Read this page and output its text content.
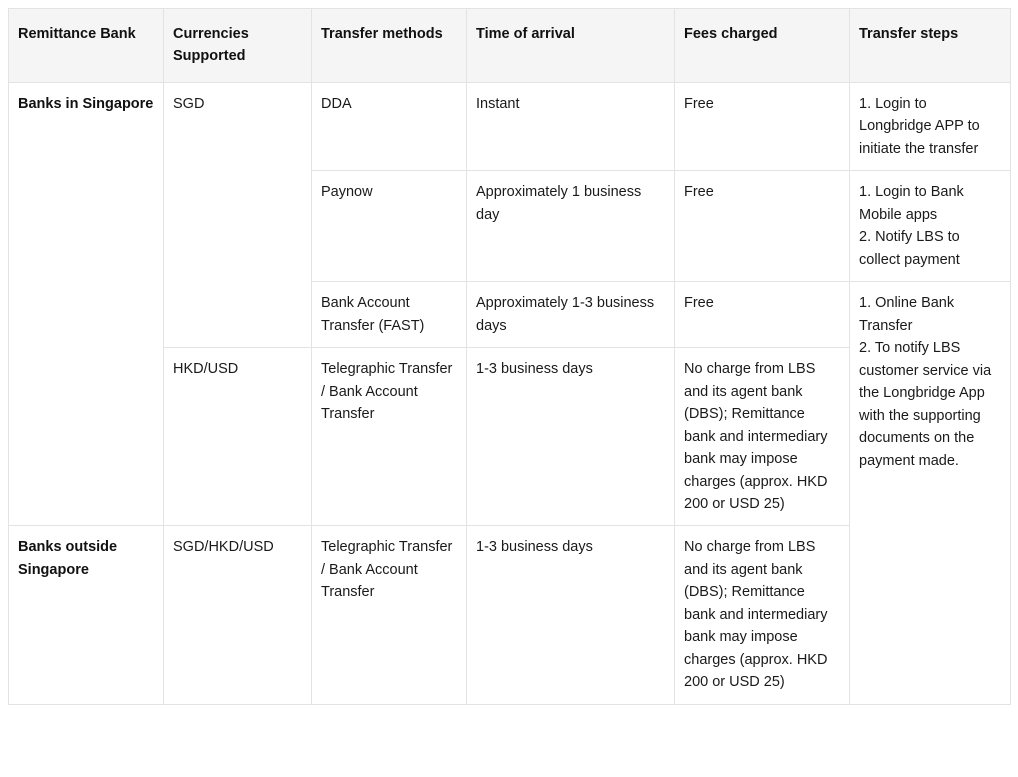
Remittance Bank	Currencies Supported	Transfer methods	Time of arrival	Fees charged	Transfer steps
Banks in Singapore	SGD	DDA	Instant	Free	1. Login to Longbridge APP to initiate the transfer
		Paynow	Approximately 1 business day	Free	1. Login to Bank Mobile apps
2. Notify LBS to collect payment

		Bank Account Transfer (FAST)	Approximately 1-3 business days	Free	1. Online Bank Transfer
2. To notify LBS customer service via the Longbridge App with the supporting documents on the payment made.

	HKD/USD	Telegraphic Transfer / Bank Account Transfer	1-3 business days	No charge from LBS and its agent bank (DBS); Remittance bank and intermediary bank may impose charges (approx. HKD 200 or USD 25)	
Banks outside Singapore	SGD/HKD/USD	Telegraphic Transfer / Bank Account Transfer	1-3 business days	No charge from LBS and its agent bank (DBS); Remittance bank and intermediary bank may impose charges (approx. HKD 200 or USD 25)	
